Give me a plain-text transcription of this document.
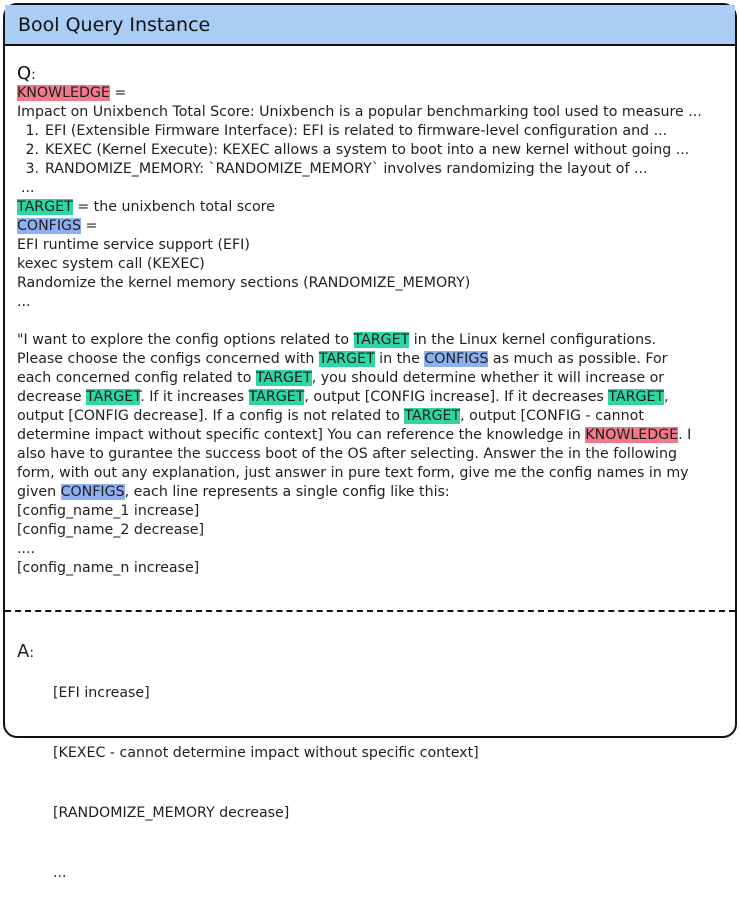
Bool Query Instance
Q:
KNOWLEDGE =
Impact on Unixbench Total Score: Unixbench is a popular benchmarking tool used to measure ...
1. EFI (Extensible Firmware Interface): EFI is related to firmware-level configuration and ...
2. KEXEC (Kernel Execute): KEXEC allows a system to boot into a new kernel without going ...
3. RANDOMIZE_MEMORY: `RANDOMIZE_MEMORY` involves randomizing the layout of ...
...
TARGET = the unixbench total score
CONFIGS =
EFI runtime service support (EFI)
kexec system call (KEXEC)
Randomize the kernel memory sections (RANDOMIZE_MEMORY)
...
"I want to explore the config options related to TARGET in the Linux kernel configurations.
Please choose the configs concerned with TARGET in the CONFIGS as much as possible. For
each concerned config related to TARGET, you should determine whether it will increase or
decrease TARGET. If it increases TARGET, output [CONFIG increase]. If it decreases TARGET,
output [CONFIG decrease]. If a config is not related to TARGET, output [CONFIG - cannot
determine impact without specific context] You can reference the knowledge in KNOWLEDGE. I
also have to gurantee the success boot of the OS after selecting. Answer the in the following
form, with out any explanation, just answer in pure text form, give me the config names in my
given CONFIGS, each line represents a single config like this:
[config_name_1 increase]
[config_name_2 decrease]
....
[config_name_n increase]
A:

[EFI increase]

[KEXEC - cannot determine impact without specific context]

[RANDOMIZE_MEMORY decrease]

...
